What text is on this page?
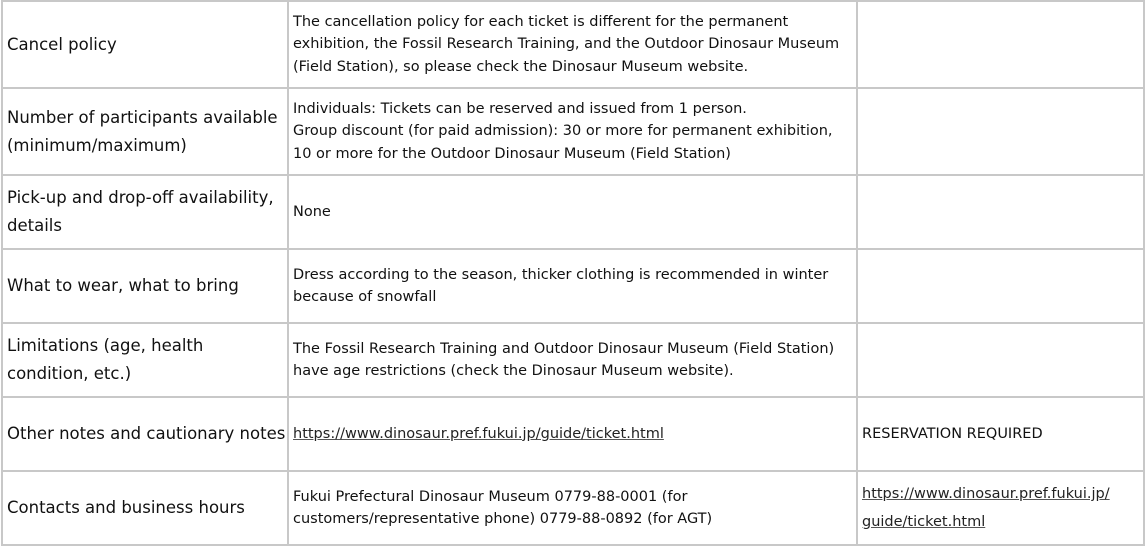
Cancel policy	The cancellation policy for each ticket is different for the permanent
exhibition, the Fossil Research Training, and the Outdoor Dinosaur Museum
(Field Station), so please check the Dinosaur Museum website.	

Number of participants available
(minimum/maximum)	Individuals: Tickets can be reserved and issued from 1 person.
Group discount (for paid admission): 30 or more for permanent exhibition,
10 or more for the Outdoor Dinosaur Museum (Field Station)	

Pick-up and drop-off availability,
details	None	

What to wear, what to bring	Dress according to the season, thicker clothing is recommended in winter
because of snowfall	

Limitations (age, health
condition, etc.)	The Fossil Research Training and Outdoor Dinosaur Museum (Field Station)
have age restrictions (check the Dinosaur Museum website).	

Other notes and cautionary notes	https://www.dinosaur.pref.fukui.jp/guide/ticket.html	RESERVATION REQUIRED

Contacts and business hours	Fukui Prefectural Dinosaur Museum 0779-88-0001 (for
customers/representative phone) 0779-88-0892 (for AGT)	https://www.dinosaur.pref.fukui.jp/
guide/ticket.html
